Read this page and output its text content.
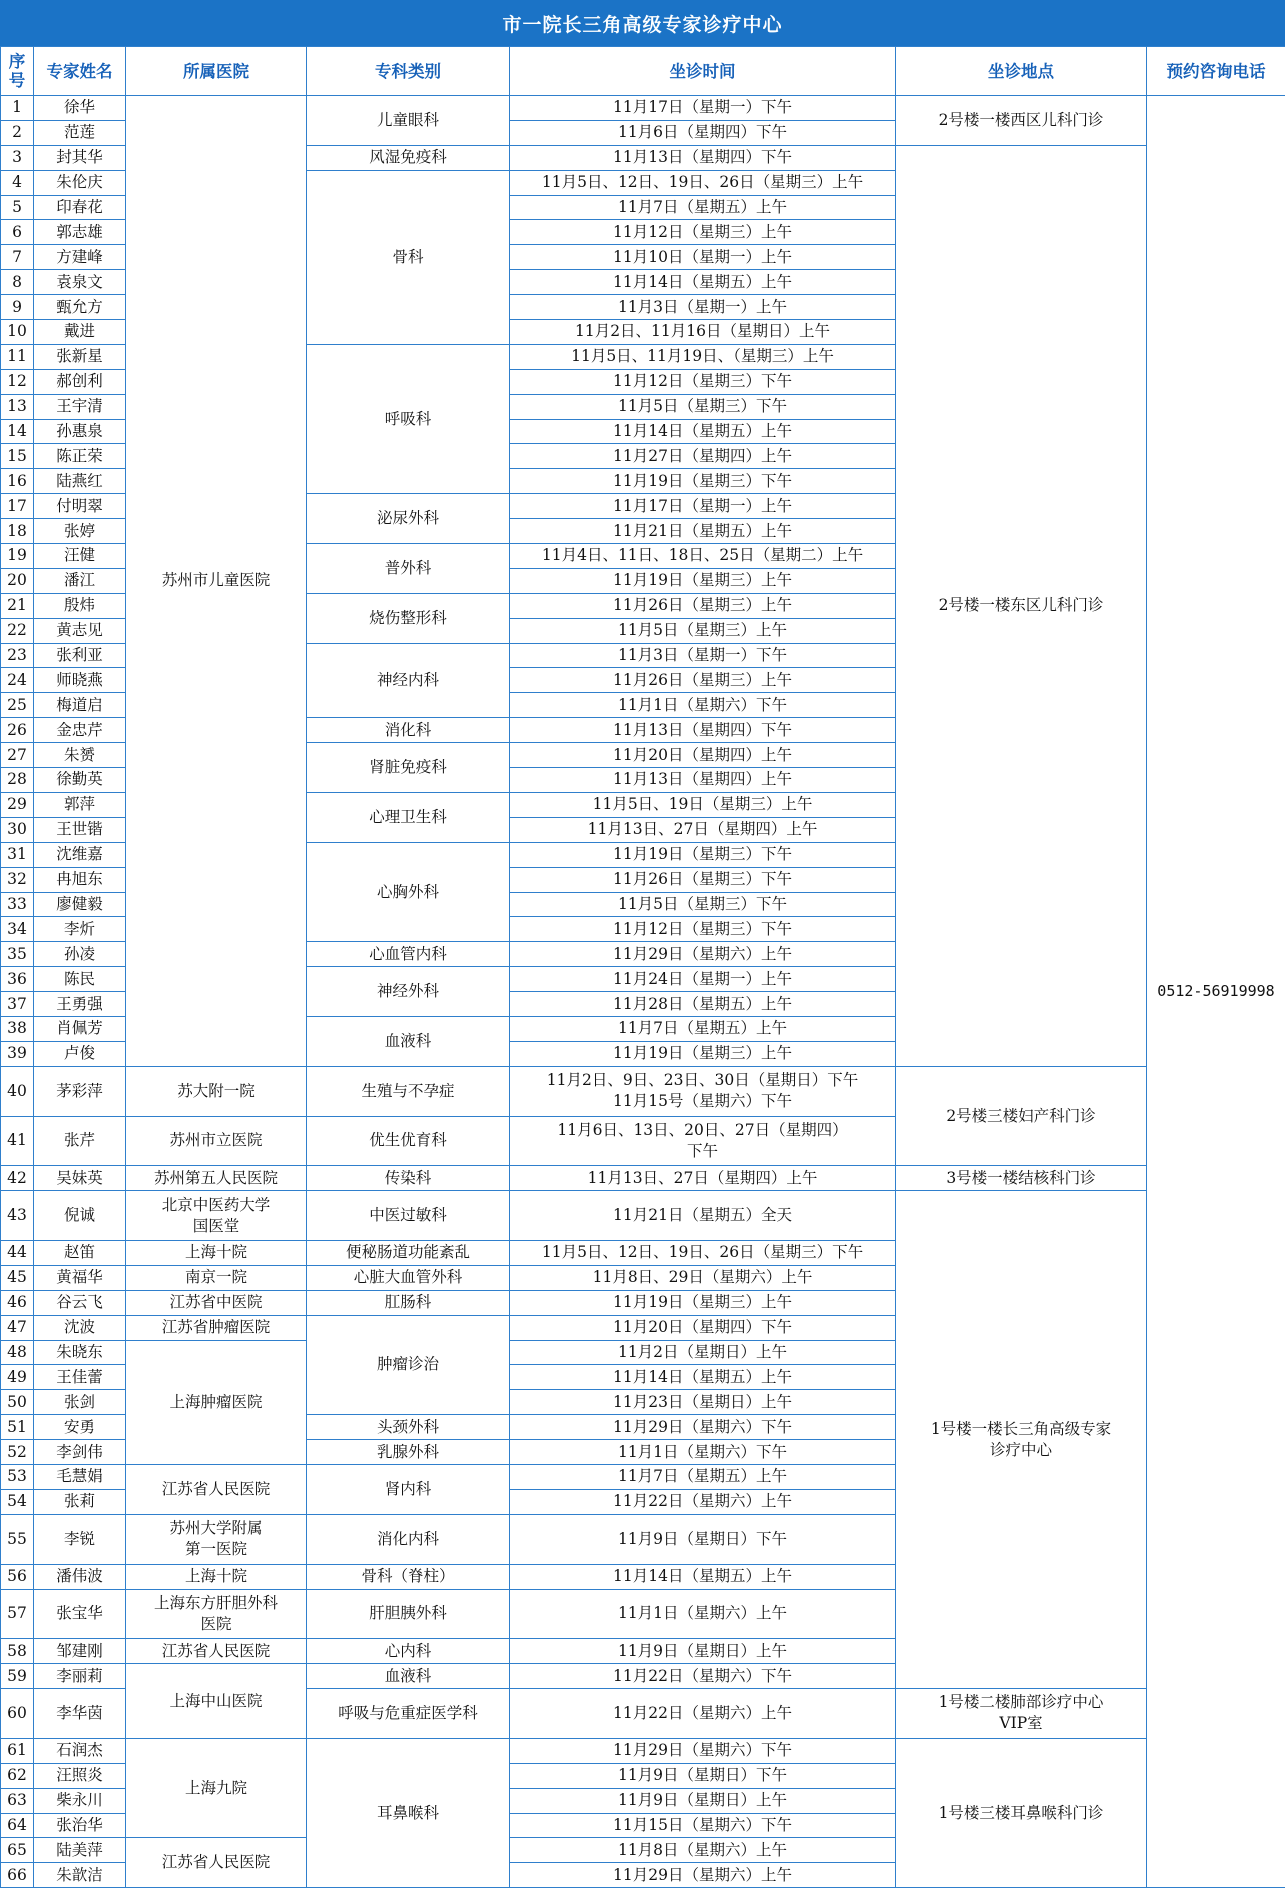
市一院长三角高级专家诊疗中心
序号	专家姓名	所属医院	专科类别	坐诊时间	坐诊地点	预约咨询电话
1	徐华	苏州市儿童医院	儿童眼科	11月17日（星期一）下午	2号楼一楼西区儿科门诊	0512-56919998
2	范莲			11月6日（星期四）下午		
3	封其华		风湿免疫科	11月13日（星期四）下午	2号楼一楼东区儿科门诊	
4	朱伦庆		骨科	11月5日、12日、19日、26日（星期三）上午		
5	印春花			11月7日（星期五）上午		
6	郭志雄			11月12日（星期三）上午		
7	方建峰			11月10日（星期一）上午		
8	袁泉文			11月14日（星期五）上午		
9	甄允方			11月3日（星期一）上午		
10	戴进			11月2日、11月16日（星期日）上午		
11	张新星		呼吸科	11月5日、11月19日、（星期三）上午		
12	郝创利			11月12日（星期三）下午		
13	王宇清			11月5日（星期三）下午		
14	孙惠泉			11月14日（星期五）上午		
15	陈正荣			11月27日（星期四）上午		
16	陆燕红			11月19日（星期三）下午		
17	付明翠		泌尿外科	11月17日（星期一）上午		
18	张婷			11月21日（星期五）上午		
19	汪健		普外科	11月4日、11日、18日、25日（星期二）上午		
20	潘江			11月19日（星期三）上午		
21	殷炜		烧伤整形科	11月26日（星期三）上午		
22	黄志见			11月5日（星期三）上午		
23	张利亚		神经内科	11月3日（星期一）下午		
24	师晓燕			11月26日（星期三）上午		
25	梅道启			11月1日（星期六）下午		
26	金忠芹		消化科	11月13日（星期四）下午		
27	朱赟		肾脏免疫科	11月20日（星期四）上午		
28	徐勤英			11月13日（星期四）上午		
29	郭萍		心理卫生科	11月5日、19日（星期三）上午		
30	王世锴			11月13日、27日（星期四）上午		
31	沈维嘉		心胸外科	11月19日（星期三）下午		
32	冉旭东			11月26日（星期三）下午		
33	廖健毅			11月5日（星期三）下午		
34	李炘			11月12日（星期三）下午		
35	孙凌		心血管内科	11月29日（星期六）上午		
36	陈民		神经外科	11月24日（星期一）上午		
37	王勇强			11月28日（星期五）上午		
38	肖佩芳		血液科	11月7日（星期五）上午		
39	卢俊			11月19日（星期三）上午		
40	茅彩萍	苏大附一院	生殖与不孕症	11月2日、9日、23日、30日（星期日）下午
11月15号（星期六）下午	2号楼三楼妇产科门诊	
41	张芹	苏州市立医院	优生优育科	11月6日、13日、20日、27日（星期四）
下午		
42	吴妹英	苏州第五人民医院	传染科	11月13日、27日（星期四）上午	3号楼一楼结核科门诊	
43	倪诚	北京中医药大学
国医堂	中医过敏科	11月21日（星期五）全天	1号楼一楼长三角高级专家
诊疗中心	
44	赵笛	上海十院	便秘肠道功能紊乱	11月5日、12日、19日、26日（星期三）下午		
45	黄福华	南京一院	心脏大血管外科	11月8日、29日（星期六）上午		
46	谷云飞	江苏省中医院	肛肠科	11月19日（星期三）上午		
47	沈波	江苏省肿瘤医院	肿瘤诊治	11月20日（星期四）下午		
48	朱晓东	上海肿瘤医院		11月2日（星期日）上午		
49	王佳蕾			11月14日（星期五）上午		
50	张剑			11月23日（星期日）上午		
51	安勇		头颈外科	11月29日（星期六）下午		
52	李剑伟		乳腺外科	11月1日（星期六）下午		
53	毛慧娟	江苏省人民医院	肾内科	11月7日（星期五）上午		
54	张莉			11月22日（星期六）上午		
55	李锐	苏州大学附属
第一医院	消化内科	11月9日（星期日）下午		
56	潘伟波	上海十院	骨科（脊柱）	11月14日（星期五）上午		
57	张宝华	上海东方肝胆外科
医院	肝胆胰外科	11月1日（星期六）上午		
58	邹建刚	江苏省人民医院	心内科	11月9日（星期日）上午		
59	李丽莉	上海中山医院	血液科	11月22日（星期六）下午		
60	李华茵		呼吸与危重症医学科	11月22日（星期六）上午	1号楼二楼肺部诊疗中心
VIP室	
61	石润杰	上海九院	耳鼻喉科	11月29日（星期六）下午	1号楼三楼耳鼻喉科门诊	
62	汪照炎			11月9日（星期日）下午		
63	柴永川			11月9日（星期日）上午		
64	张治华			11月15日（星期六）下午		
65	陆美萍	江苏省人民医院		11月8日（星期六）上午		
66	朱歆洁			11月29日（星期六）上午		
